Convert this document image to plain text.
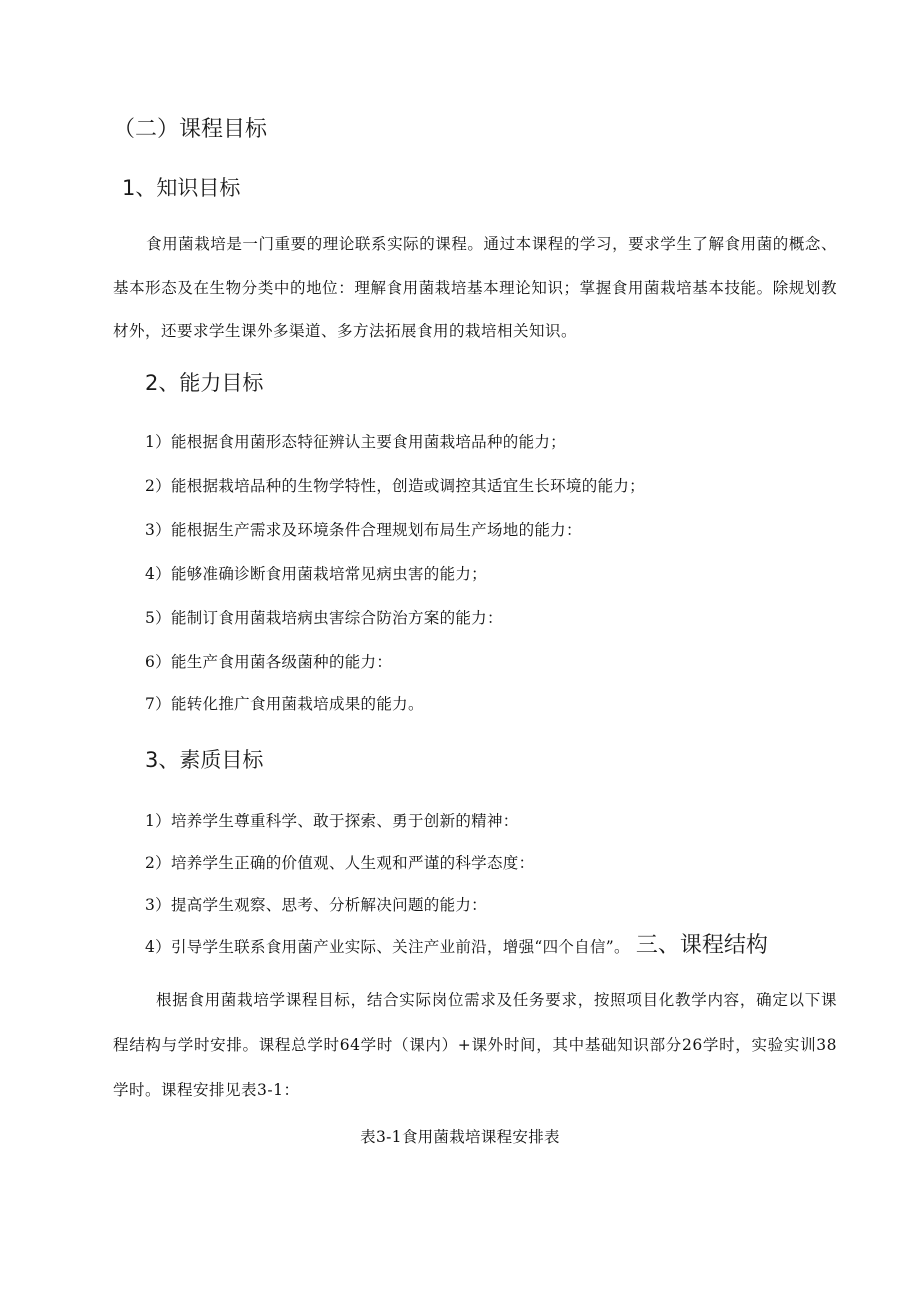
（二）课程目标
1、知识目标

食用菌栽培是一门重要的理论联系实际的课程。通过本课程的学习，要求学生了解食用菌的概念、基本形态及在生物分类中的地位：理解食用菌栽培基本理论知识；掌握食用菌栽培基本技能。除规划教材外，还要求学生课外多渠道、多方法拓展食用的栽培相关知识。

2、能力目标
1）能根据食用菌形态特征辨认主要食用菌栽培品种的能力；
2）能根据栽培品种的生物学特性，创造或调控其适宜生长环境的能力；
3）能根据生产需求及环境条件合理规划布局生产场地的能力：
4）能够准确诊断食用菌栽培常见病虫害的能力；
5）能制订食用菌栽培病虫害综合防治方案的能力：
6）能生产食用菌各级菌种的能力：
7）能转化推广食用菌栽培成果的能力。
3、素质目标
1）培养学生尊重科学、敢于探索、勇于创新的精神：
2）培养学生正确的价值观、人生观和严谨的科学态度：
3）提高学生观察、思考、分析解决问题的能力：
4）引导学生联系食用菌产业实际、关注产业前沿，增强“四个自信”。 三、课程结构

根据食用菌栽培学课程目标，结合实际岗位需求及任务要求，按照项目化教学内容，确定以下课程结构与学时安排。课程总学时64学时（课内）+课外时间，其中基础知识部分26学时，实验实训38学时。课程安排见表3-1：

表3-1食用菌栽培课程安排表
